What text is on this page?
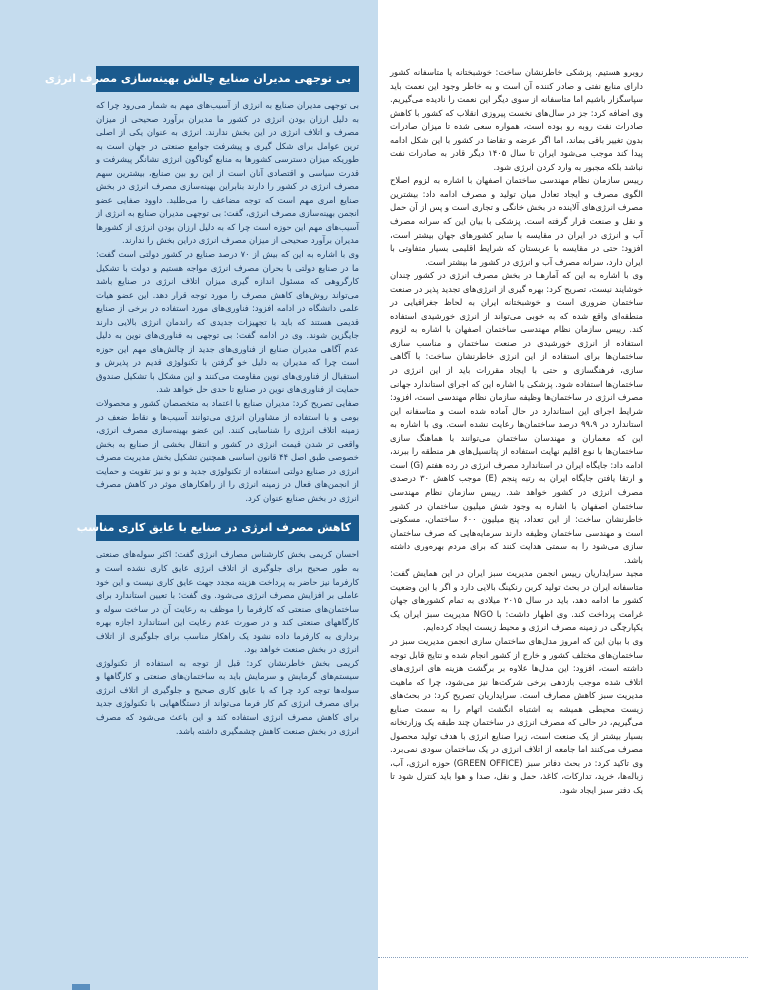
بی توجهی مدیران صنایع چالش بهینه‌سازی مصرف انرژی

بی توجهی مدیران صنایع به انرژی از آسیب‌های مهم به شمار می‌رود چرا که به دلیل ارزان بودن انرژی در کشور ما مدیران برآورد صحیحی از میزان مصرف و اتلاف انرژی در این بخش ندارند. انرژی به عنوان یکی از اصلی ترین عوامل برای شکل گیری و پیشرفت جوامع صنعتی در جهان است به طوریکه میزان دسترسی کشورها به منابع گوناگون انرژی نشانگر پیشرفت و قدرت سیاسی و اقتصادی آنان است از این رو بین صنایع، بیشترین سهم مصرف انرژی در کشور را دارند بنابراین بهینه‌سازی مصرف انرژی در بخش صنایع امری مهم است که توجه مضاعف را می‌طلبد. داوود صفایی عضو انجمن بهینه‌سازی مصرف انرژی، گفت: بی توجهی مدیران صنایع به انرژی از آسیب‌های مهم این حوزه است چرا که به دلیل ارزان بودن انرژی از کشورها مدیران برآورد صحیحی از میزان مصرف انرژی دراین بخش را ندارند.

وی با اشاره به این که بیش از ۷۰ درصد صنایع در کشور دولتی است گفت: ما در صنایع دولتی با بحران مصرف انرژی مواجه هستیم و دولت با تشکیل کارگروهی که مسئول اندازه گیری میزان اتلاف انرژی در صنایع باشد می‌تواند روش‌های کاهش مصرف را مورد توجه قرار دهد. این عضو هیات علمی دانشگاه در ادامه افزود: فناوری‌های مورد استفاده در برخی از صنایع قدیمی هستند که باید با تجهیزات جدیدی که راندمان انرژی بالایی دارند جایگزین شوند. وی در ادامه گفت: بی توجهی به فناوری‌های نوین به دلیل عدم آگاهی مدیران صنایع از فناوری‌های جدید از چالش‌های مهم این حوزه است چرا که مدیران به دلیل خو گرفتن با تکنولوژی قدیم در پذیرش و استقبال از فناوری‌های نوین مقاومت می‌کنند و این مشکل با تشکیل صندوق حمایت از فناوری‌های نوین در صنایع تا حدی حل خواهد شد.

صفایی تصریح کرد: مدیران صنایع با اعتماد به متخصصان کشور و محصولات بومی و با استفاده از مشاوران انرژی می‌توانند آسیب‌ها و نقاط ضعف در زمینه اتلاف انرژی را شناسایی کنند. این عضو بهینه‌سازی مصرف انرژی، واقعی تر شدن قیمت انرژی در کشور و انتقال بخشی از صنایع به بخش خصوصی طبق اصل ۴۴ قانون اساسی همچنین تشکیل بخش مدیریت مصرف انرژی در صنایع دولتی استفاده از تکنولوژی جدید و نو و نیز تقویت و حمایت از انجمن‌های فعال در زمینه انرژی را از راهکارهای موثر در کاهش مصرف انرژی در بخش صنایع عنوان کرد.

کاهش مصرف انرژی در صنایع با عایق کاری مناسب

احسان کریمی بخش کارشناس مصارف انرژی گفت: اکثر سوله‌های صنعتی به طور صحیح برای جلوگیری از اتلاف انرژی عایق کاری نشده است و کارفرما نیز حاضر به پرداخت هزینه مجدد جهت عایق کاری نیست و این خود عاملی بر افزایش مصرف انرژی می‌شود. وی گفت: با تعیین استاندارد برای ساختمان‌های صنعتی که کارفرما را موظف به رعایت آن در ساخت سوله و کارگاههای صنعتی کند و در صورت عدم رعایت این استاندارد اجازه بهره برداری به کارفرما داده نشود یک راهکار مناسب برای جلوگیری از اتلاف انرژی در بخش صنعت خواهد بود.

کریمی بخش خاطرنشان کرد: قبل از توجه به استفاده از تکنولوژی سیستم‌های گرمایش و سرمایش باید به ساختمان‌های صنعتی و کارگاهها و سوله‌ها توجه کرد چرا که با عایق کاری صحیح و جلوگیری از اتلاف انرژی برای مصرف انرژی کم کار فرما می‌تواند از دستگاههایی با تکنولوژی جدید برای کاهش مصرف انرژی استفاده کند و این باعث می‌شود که مصرف انرژی در بخش صنعت کاهش چشمگیری داشته باشد.

روبرو هستیم. پزشکی خاطرنشان ساخت: خوشبختانه یا متاسفانه کشور دارای منابع نفتی و صادر کننده آن است و به خاطر وجود این نعمت باید سپاسگزار باشیم اما متاسفانه از سوی دیگر این نعمت را نادیده می‌گیریم. وی اضافه کرد: جز در سال‌های نخست پیروزی انقلاب که کشور با کاهش صادرات نفت روبه رو بوده است، همواره سعی شده تا میزان صادرات بدون تغییر باقی بماند، اما اگر عرضه و تقاضا در کشور با این شکل ادامه پیدا کند موجب می‌شود ایران تا سال ۱۴۰۵ دیگر قادر به صادرات نفت نباشد بلکه مجبور به وارد کردن انرژی شود.

رییس سازمان نظام مهندسی ساختمان اصفهان با اشاره به لزوم اصلاح الگوی مصرف و ایجاد تعادل میان تولید و مصرف ادامه داد: بیشترین مصرف انرژی‌های آلاینده در بخش خانگی و تجاری است و پس از آن حمل و نقل و صنعت قرار گرفته است. پزشکی با بیان این که سرانه مصرف آب و انرژی در ایران در مقایسه با سایر کشورهای جهان بیشتر است، افزود: حتی در مقایسه با عربستان که شرایط اقلیمی بسیار متفاوتی با ایران دارد، سرانه مصرف آب و انرژی در کشور ما بیشتر است.

وی با اشاره به این که آمارهـا در بخش مصرف انرژی در کشور چندان خوشایند نیست، تصریح کرد: بهره گیری از انرژی‌های تجدید پذیر در صنعت ساختمان ضروری است و خوشبختانه ایران به لحاظ جغرافیایی در منطقه‌ای واقع شده که به خوبی می‌تواند از انرژی خورشیدی استفاده کند. رییس سازمان نظام مهندسی ساختمان اصفهان با اشاره به لزوم استفاده از انرژی خورشیدی در صنعت ساختمان و مناسب سازی ساختمان‌ها برای استفاده از این انرژی خاطرنشان ساخت: با آگاهی سازی، فرهنگسازی و حتی با ایجاد مقررات باید از این انرژی در ساختمان‌ها استفاده شود. پزشکی با اشاره این که اجرای استاندارد جهانی مصرف انرژی در ساختمان‌ها وظیفه سازمان نظام مهندسی است، افزود: شرایط اجرای این استاندارد در حال آماده شده است و متاسفانه این استاندارد در ۹۹،۹ درصد ساختمان‌ها رعایت نشده است. وی با اشاره به این که معماران و مهندسان ساختمان می‌توانند با هماهنگ سازی ساختمان‌ها با نوع اقلیم نهایت استفاده از پتانسیل‌های هر منطقه را ببرند، ادامه داد: جایگاه ایران در استاندارد مصرف انرژی در رده هفتم (G) است و ارتقا یافتن جایگاه ایران به رتبه پنجم (E) موجب کاهش ۳۰ درصدی مصرف انرژی در کشور خواهد شد. رییس سازمان نظام مهندسی ساختمان اصفهان با اشاره به وجود شش میلیون ساختمان در کشور خاطرنشان ساخت: از این تعداد، پنج میلیون ۶۰۰ ساختمان، مسکونی است و مهندسی ساختمان وظیفه دارند سرمایه‌هایی که صرف ساختمان سازی می‌شود را به سمتی هدایت کنند که برای مردم بهره‌وری داشته باشد.

مجید سرایداریان رییس انجمن مدیریت سبز ایران در این همایش گفت: متاسفانه ایران در بحث تولید کربن رنکینگ بالایی دارد و اگر با این وضعیت کشور ما ادامه دهد، باید در سال ۲۰۱۵ میلادی به تمام کشورهای جهان غرامت پرداخت کند. وی اظهار داشت: با NGO مدیریت سبز ایران یک یکپارچگی در زمینه مصرف انرژی و محیط زیست ایجاد کرده‌ایم.

وی با بیان این که امروز مدل‌های ساختمان سازی انجمن مدیریت سبز در ساختمان‌های مختلف کشور و خارج از کشور انجام شده و نتایج قابل توجه داشته است، افزود: این مدل‌ها علاوه بر برگشت هزینه های انرژی‌های اتلاف شده موجب بازدهی برخی شرکت‌ها نیز می‌شود، چرا که ماهیت مدیریت سبز کاهش مصارف است. سرایداریان تصریح کرد: در بحث‌های زیست محیطی همیشه به اشتباه انگشت اتهام را به سمت صنایع می‌گیریم، در حالی که مصرف انرژی در ساختمان چند طبقه یک وزارتخانه بسیار بیشتر از یک صنعت است، زیرا صنایع انرژی با هدف تولید محصول مصرف می‌کنند اما جامعه از اتلاف انرژی در یک ساختمان سودی نمی‌برد. وی تاکید کرد: در بحث دفاتر سبز (GREEN OFFICE) حوزه انرژی، آب، زباله‌ها، خرید، تدارکات، کاغذ، حمل و نقل، صدا و هوا باید کنترل شود تا یک دفتر سبز ایجاد شود.
